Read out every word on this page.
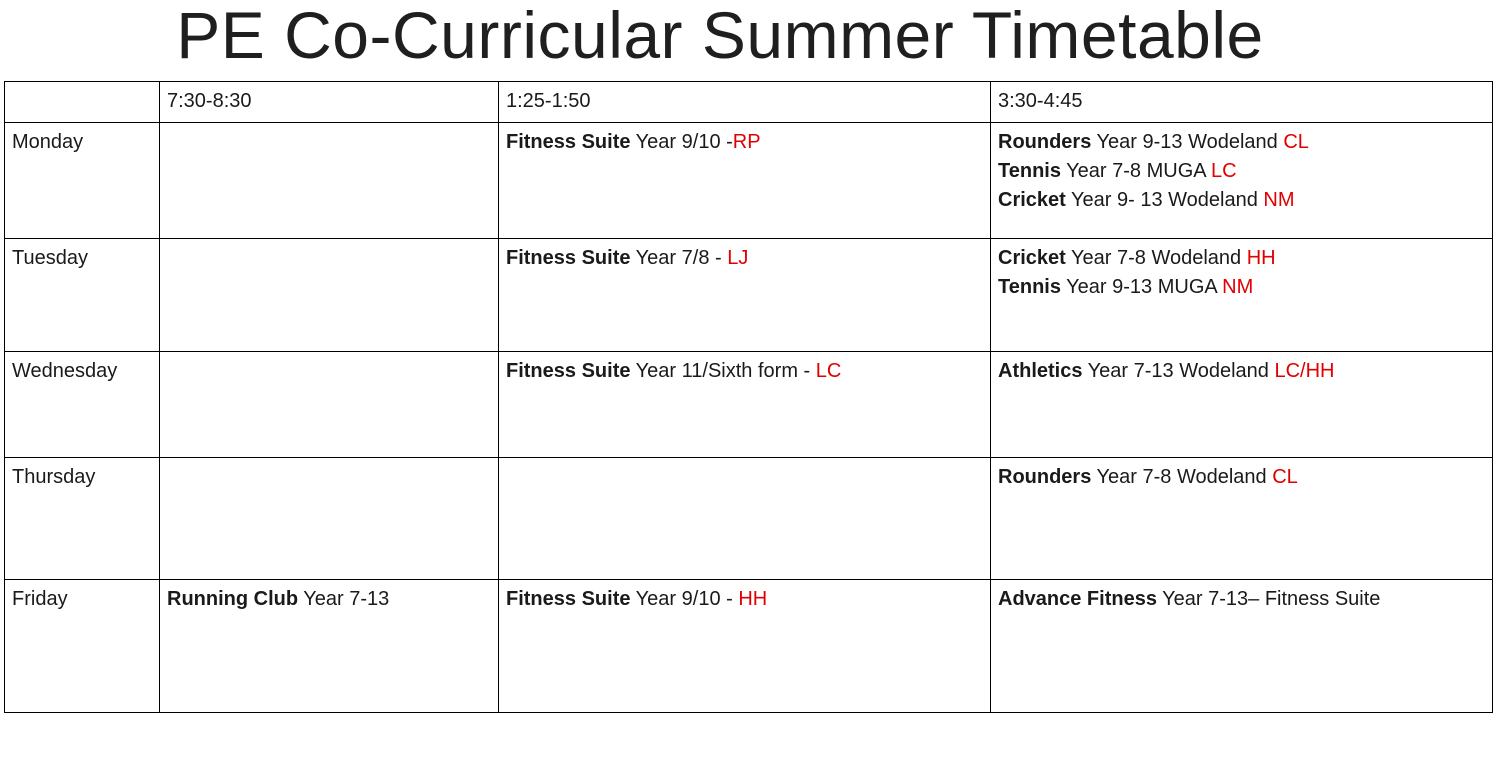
PE Co-Curricular Summer Timetable
	7:30-8:30	1:25-1:50	3:30-4:45
Monday		Fitness Suite Year 9/10 -RP	Rounders Year 9-13 Wodeland CL
Tennis Year 7-8 MUGA LC
Cricket Year 9- 13 Wodeland NM

Tuesday		Fitness Suite Year 7/8 - LJ	Cricket Year 7-8 Wodeland HH
Tennis Year 9-13 MUGA NM

Wednesday		Fitness Suite Year 11/Sixth form - LC	Athletics Year 7-13 Wodeland LC/HH

Thursday			Rounders Year 7-8 Wodeland CL

Friday	Running Club Year 7-13	Fitness Suite Year 9/10 - HH	Advance Fitness Year 7-13– Fitness Suite
